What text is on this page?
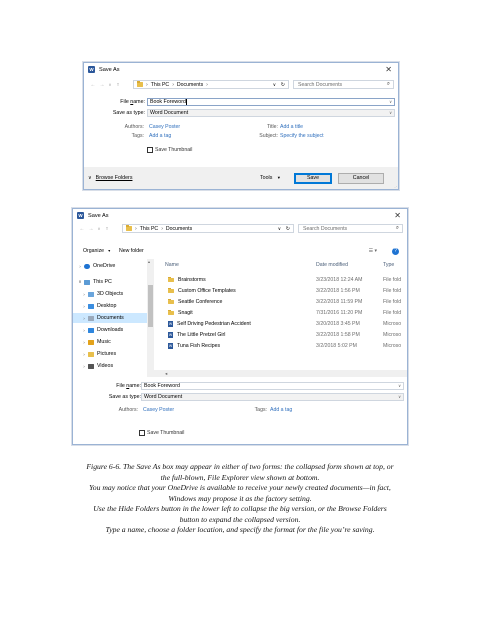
W Save As	✕
← →	∨	↑	› This PC › Documents ›	∨ ↻	Search Documents	⌕
File name: Book Foreword	∨
Save as type: Word Document	∨
Authors: Casey Poster
Tags: Add a tag
Title: Add a title
Subject: Specify the subject
Save Thumbnail
∨ Browse Folders	Tools ▼	Save	Cancel
⋰
W Save As	✕
← →	∨	↑	› This PC › Documents	∨ ↻	Search Documents	⌕
Organize ▼ New folder	☰ ▾	?
›	OneDrive
∨	This PC
›	3D Objects
›	Desktop
›	Documents
›	Downloads
›	Music
›	Pictures
›	Videos
▴
Name	Date modified	Type
Brainstorms	3/23/2018 12:24 AM	File fold
Custom Office Templates	3/22/2018 1:56 PM	File fold
Seattle Conference	3/22/2018 11:59 PM	File fold
Snagit	7/31/2016 11:20 PM	File fold
W Self Driving Pedestrian Accident	3/20/2018 3:45 PM	Microso
W The Little Pretzel Girl	3/22/2018 1:58 PM	Microso
W Tuna Fish Recipes	3/2/2018 5:02 PM	Microso
◂
File name: Book Foreword	∨
Save as type: Word Document	∨
Authors: Casey Poster	Tags: Add a tag
Save Thumbnail
Figure 6-6. The Save As box may appear in either of two forms: the collapsed form shown at top, or
the full-blown, File Explorer view shown at bottom.
You may notice that your OneDrive is available to receive your newly created documents—in fact,
Windows may propose it as the factory setting.
Use the Hide Folders button in the lower left to collapse the big version, or the Browse Folders
button to expand the collapsed version.
Type a name, choose a folder location, and specify the format for the file you’re saving.
